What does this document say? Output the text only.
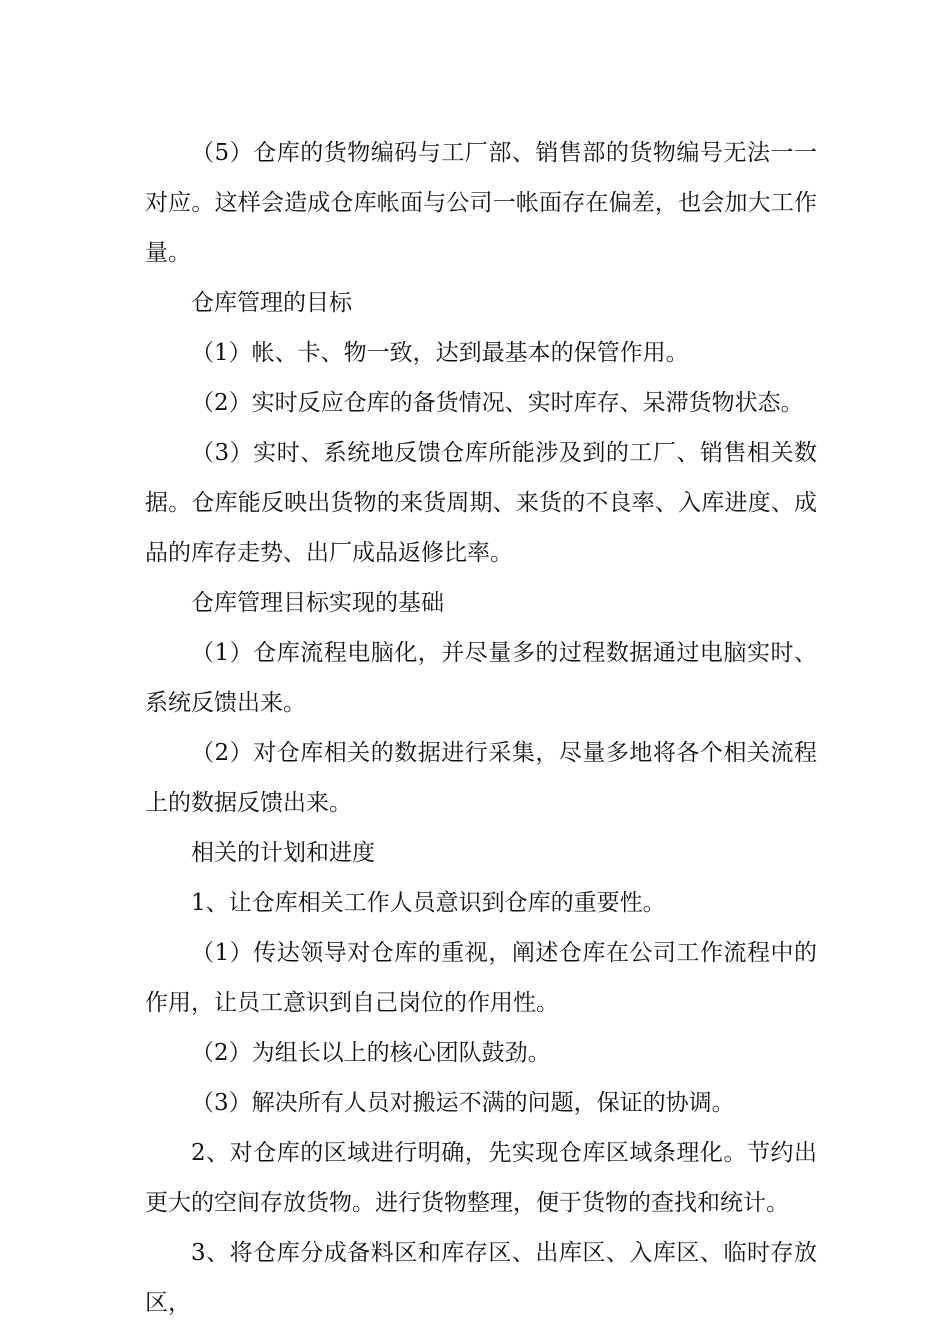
（5）仓库的货物编码与工厂部、销售部的货物编号无法一一对应。这样会造成仓库帐面与公司一帐面存在偏差，也会加大工作量。

仓库管理的目标

（1）帐、卡、物一致，达到最基本的保管作用。

（2）实时反应仓库的备货情况、实时库存、呆滞货物状态。

（3）实时、系统地反馈仓库所能涉及到的工厂、销售相关数据。仓库能反映出货物的来货周期、来货的不良率、入库进度、成品的库存走势、出厂成品返修比率。

仓库管理目标实现的基础

（1）仓库流程电脑化，并尽量多的过程数据通过电脑实时、系统反馈出来。

（2）对仓库相关的数据进行采集，尽量多地将各个相关流程上的数据反馈出来。

相关的计划和进度

1、让仓库相关工作人员意识到仓库的重要性。

（1）传达领导对仓库的重视，阐述仓库在公司工作流程中的作用，让员工意识到自己岗位的作用性。

（2）为组长以上的核心团队鼓劲。

（3）解决所有人员对搬运不满的问题，保证的协调。

2、对仓库的区域进行明确，先实现仓库区域条理化。节约出更大的空间存放货物。进行货物整理，便于货物的查找和统计。

3、将仓库分成备料区和库存区、出库区、入库区、临时存放区，
